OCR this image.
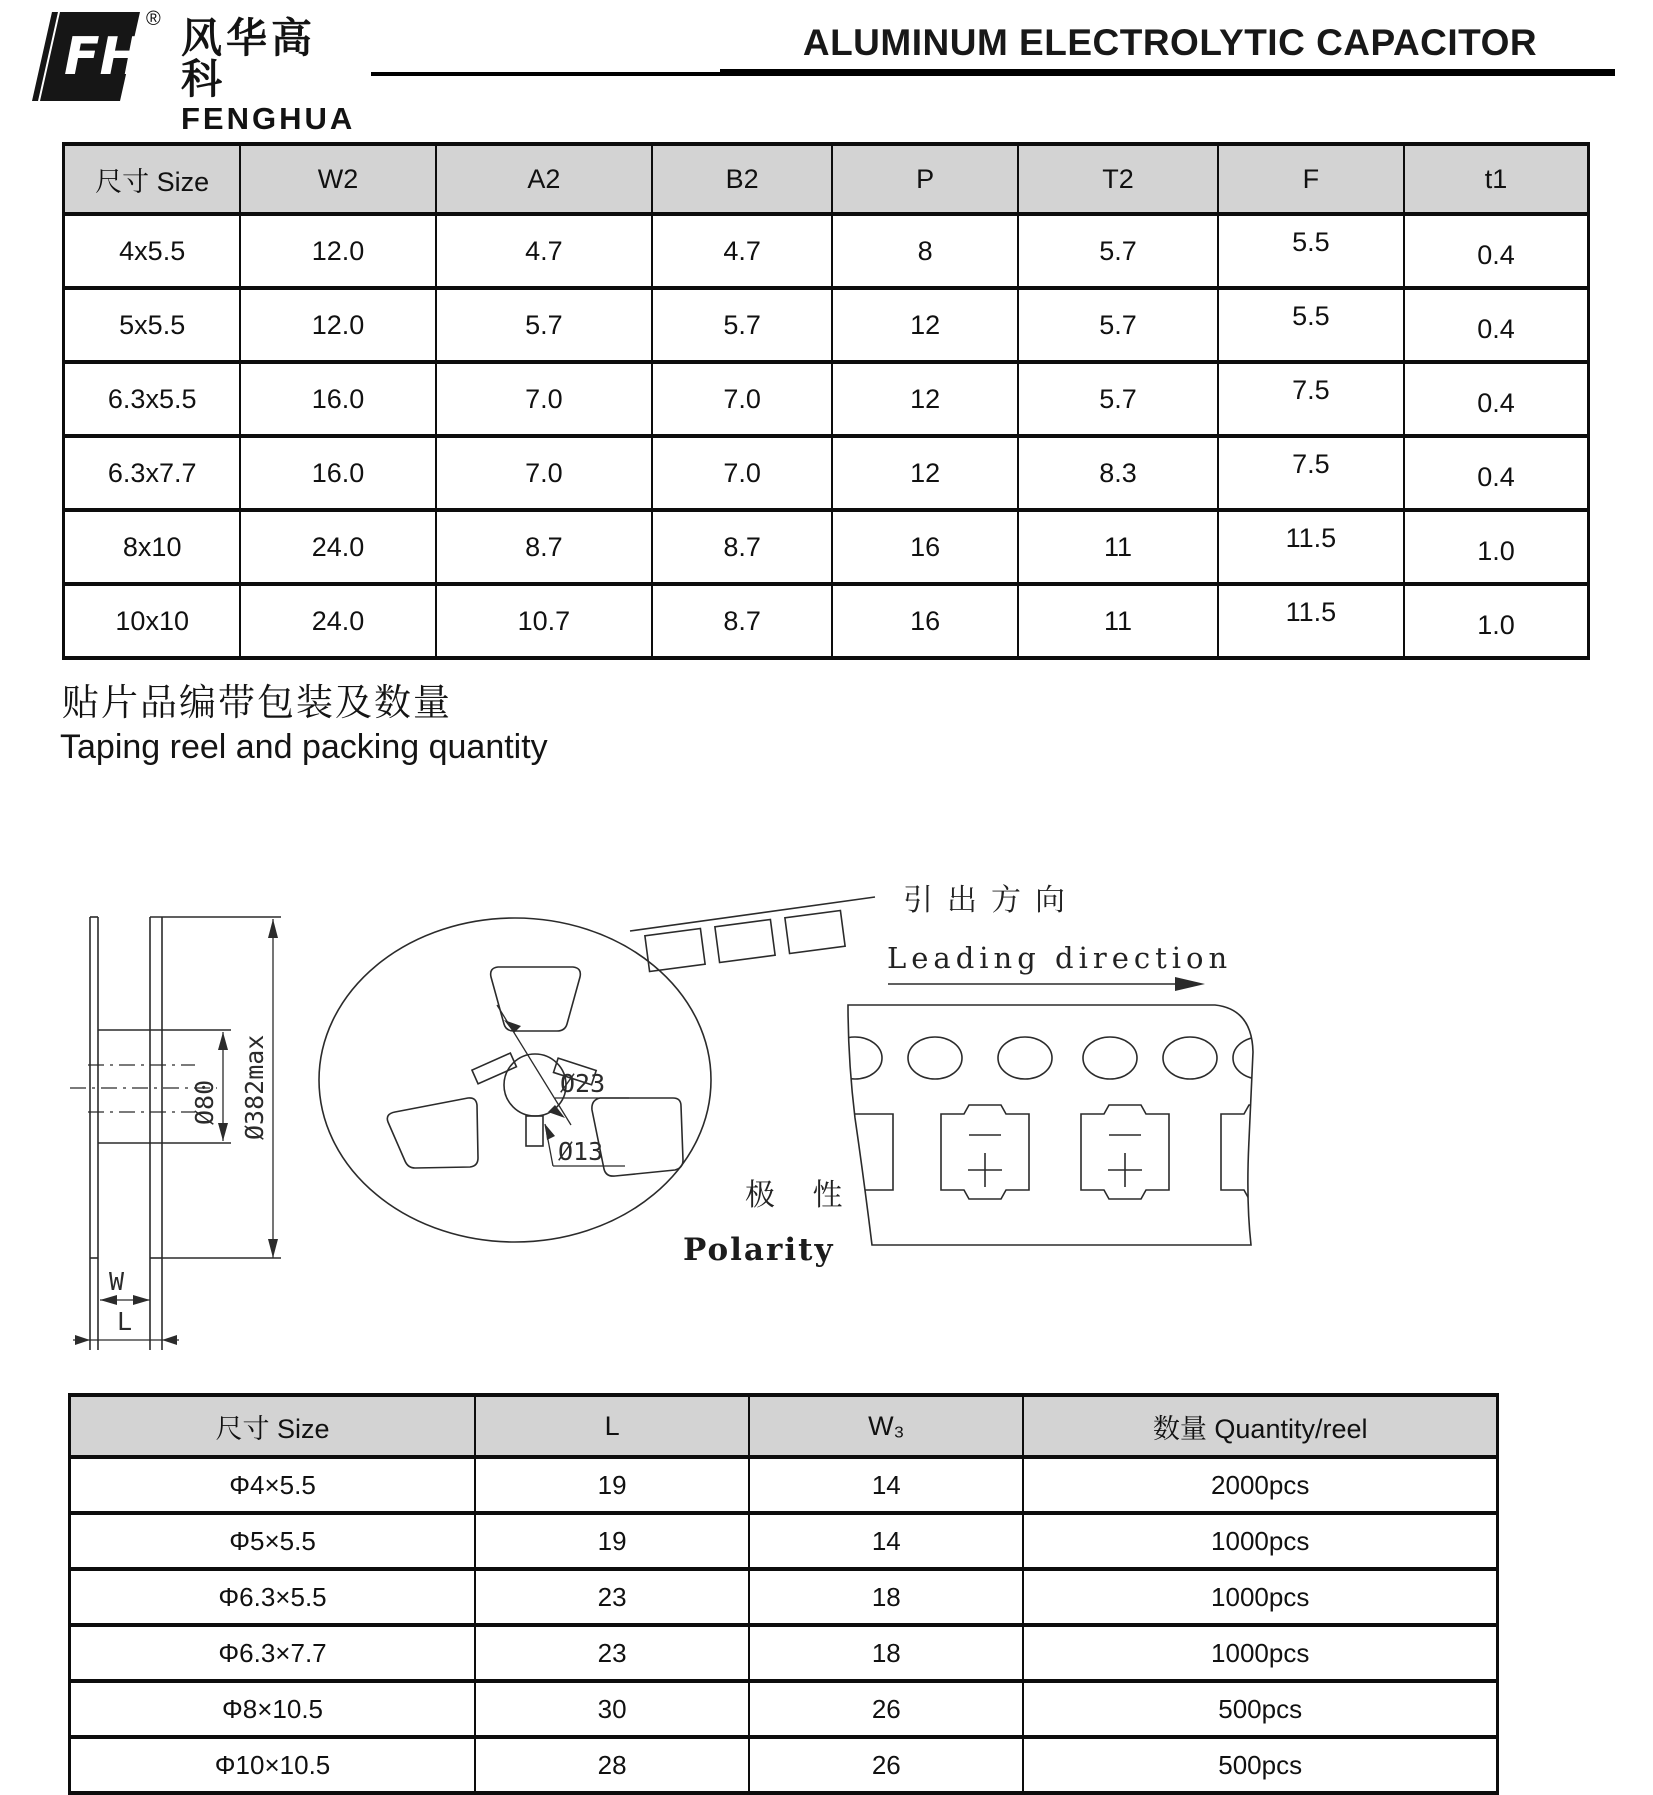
FH
® 风华高科
FENGHUA
ALUMINUM ELECTROLYTIC CAPACITOR
尺寸 Size	W2	A2	B2	P	T2	F	t1
4x5.5	12.0	4.7	4.7	8	5.7	5.5	0.4
5x5.5	12.0	5.7	5.7	12	5.7	5.5	0.4
6.3x5.5	16.0	7.0	7.0	12	5.7	7.5	0.4
6.3x7.7	16.0	7.0	7.0	12	8.3	7.5	0.4
8x10	24.0	8.7	8.7	16	11	11.5	1.0
10x10	24.0	10.7	8.7	16	11	11.5	1.0
贴片品编带包装及数量
Taping reel and packing quantity
Ø80 Ø382max
W
L
Ø23
Ø13
引出方向
Leading direction
极 性
Polarity
尺寸 Size	L	W₃	数量 Quantity/reel
Φ4×5.5	19	14	2000pcs
Φ5×5.5	19	14	1000pcs
Φ6.3×5.5	23	18	1000pcs
Φ6.3×7.7	23	18	1000pcs
Φ8×10.5	30	26	500pcs
Φ10×10.5	28	26	500pcs
